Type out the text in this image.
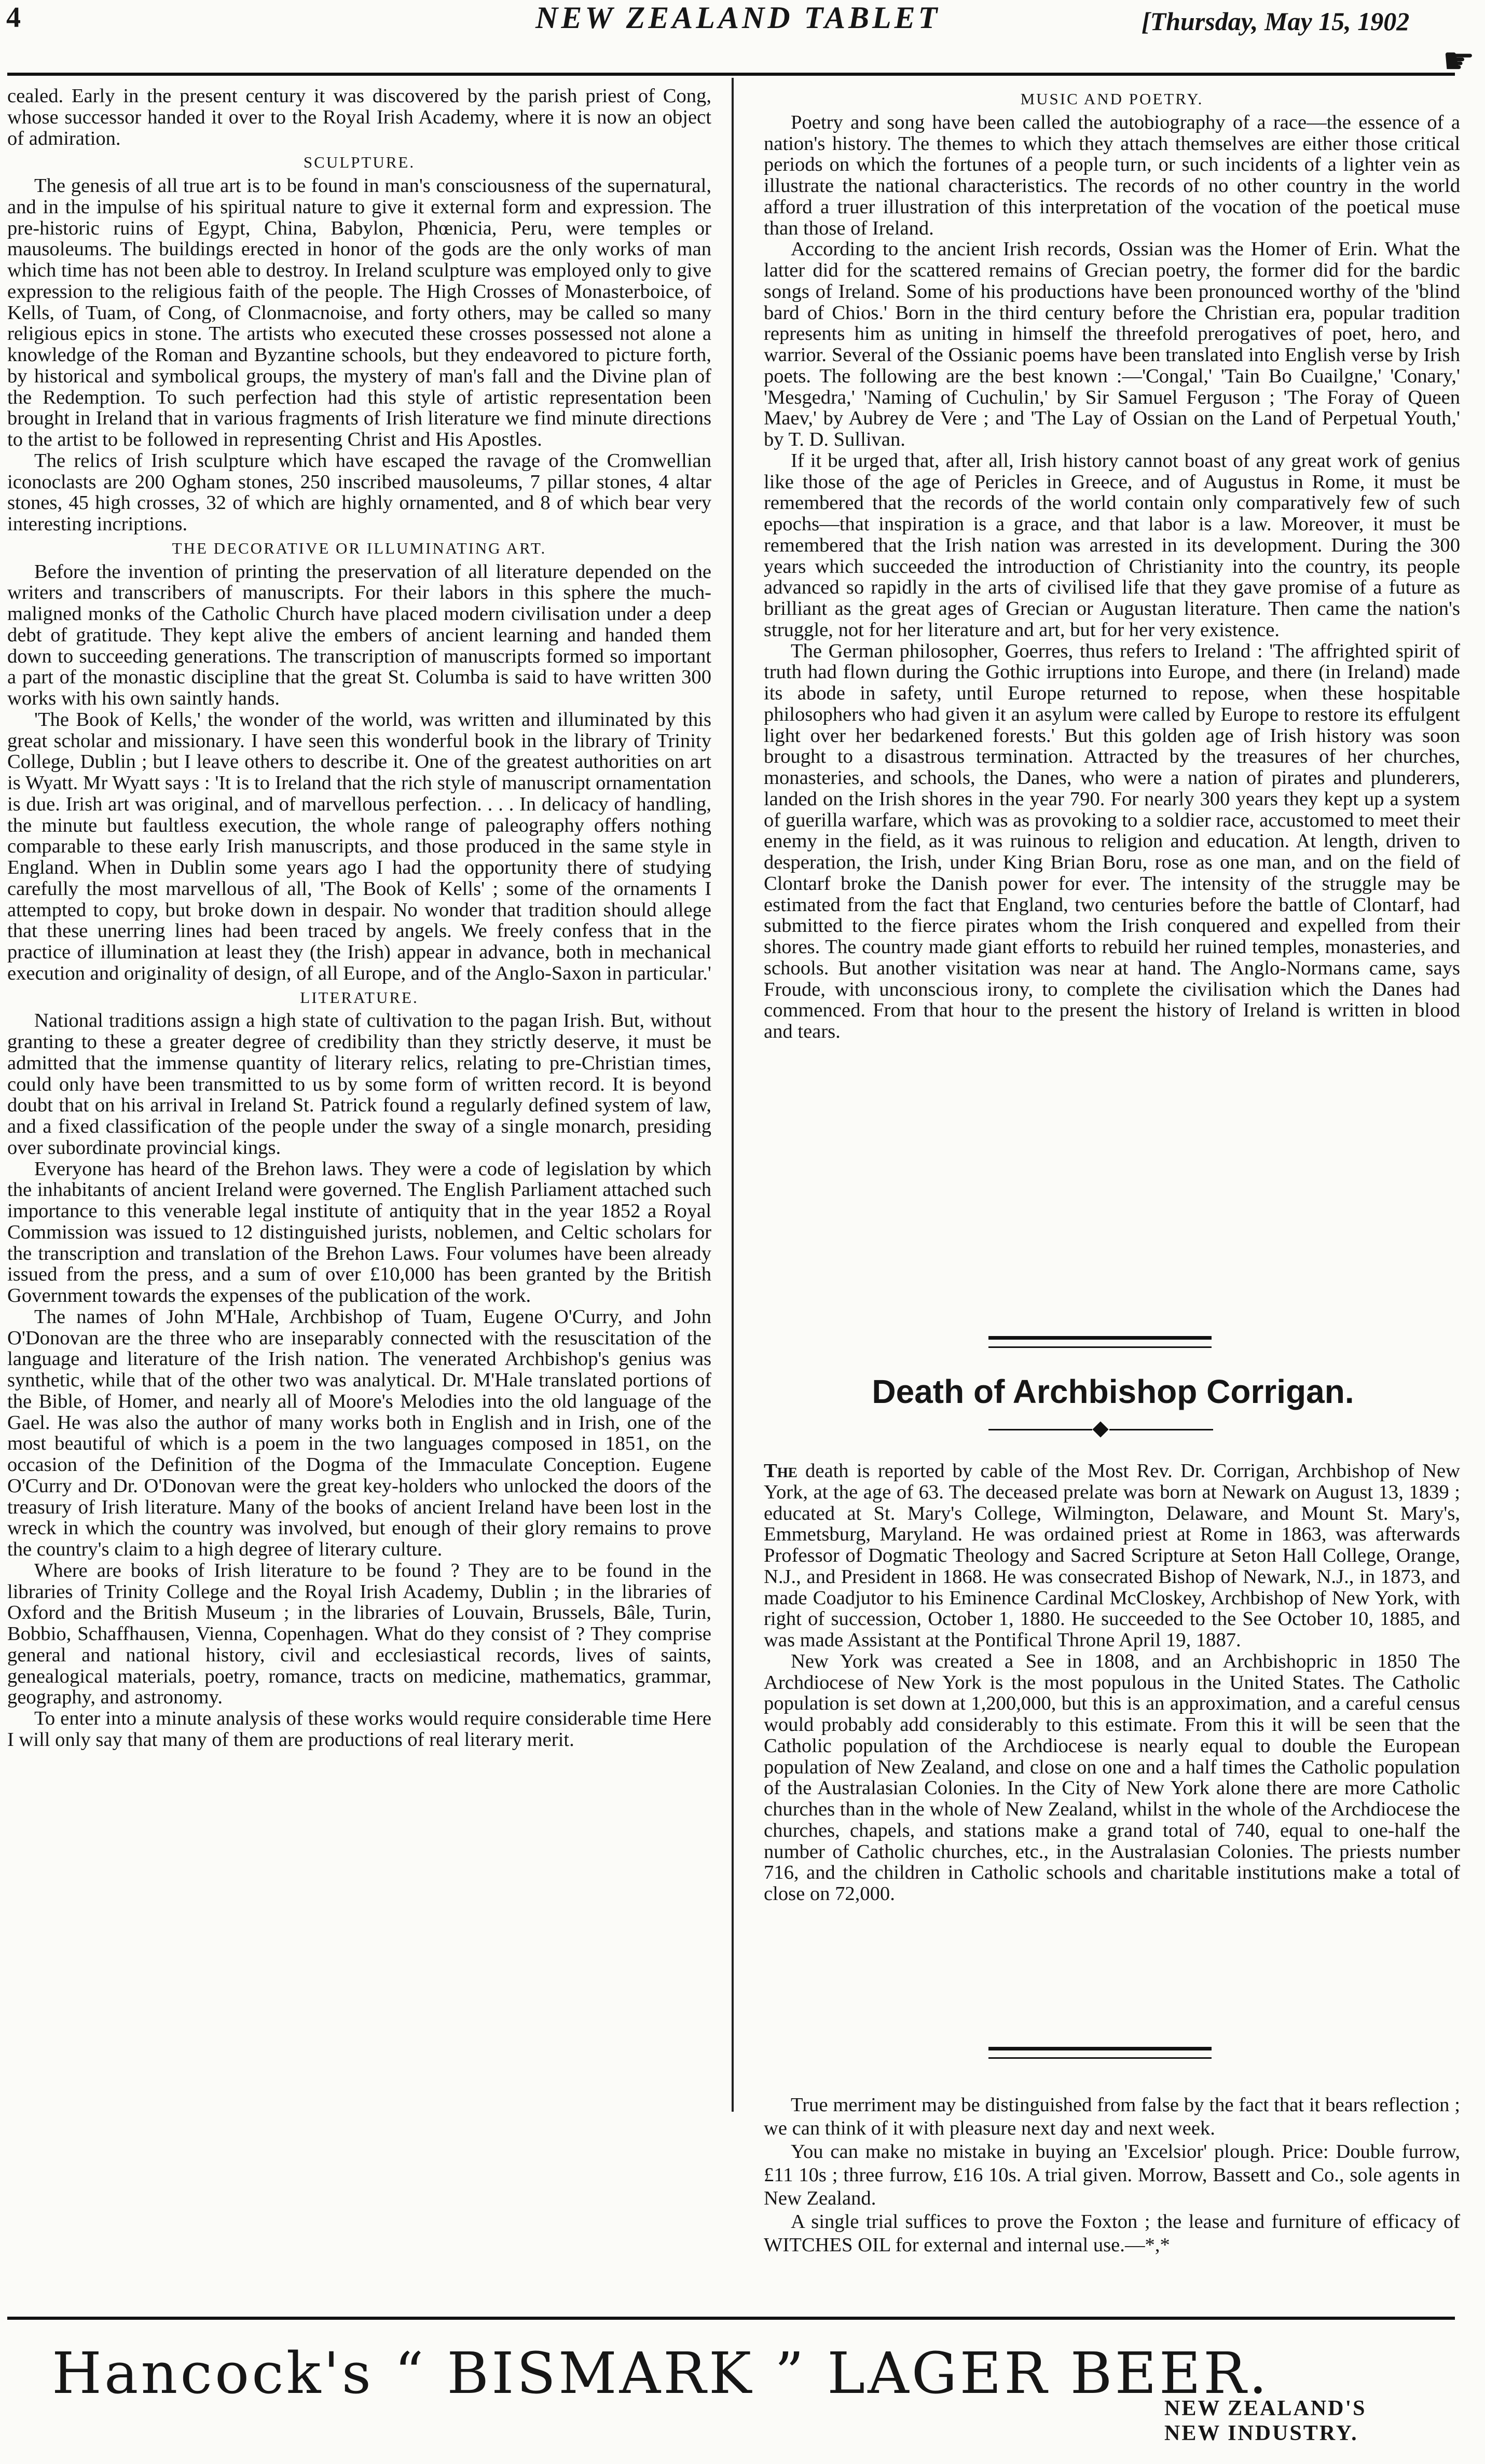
4	NEW ZEALAND TABLET	[Thursday, May 15, 1902
☛

cealed. Early in the present century it was discovered by the parish priest of Cong, whose successor handed it over to the Royal Irish Academy, where it is now an object of admiration.

SCULPTURE.

The genesis of all true art is to be found in man's consciousness of the supernatural, and in the impulse of his spiritual nature to give it external form and expression. The pre-historic ruins of Egypt, China, Babylon, Phœnicia, Peru, were temples or mausoleums. The buildings erected in honor of the gods are the only works of man which time has not been able to destroy. In Ireland sculpture was employed only to give expression to the religious faith of the people. The High Crosses of Monasterboice, of Kells, of Tuam, of Cong, of Clonmacnoise, and forty others, may be called so many religious epics in stone. The artists who executed these crosses possessed not alone a knowledge of the Roman and Byzantine schools, but they endeavored to picture forth, by historical and symbolical groups, the mystery of man's fall and the Divine plan of the Redemption. To such perfection had this style of artistic representation been brought in Ireland that in various fragments of Irish literature we find minute directions to the artist to be followed in representing Christ and His Apostles.

The relics of Irish sculpture which have escaped the ravage of the Cromwellian iconoclasts are 200 Ogham stones, 250 inscribed mausoleums, 7 pillar stones, 4 altar stones, 45 high crosses, 32 of which are highly ornamented, and 8 of which bear very interesting incriptions.

THE DECORATIVE OR ILLUMINATING ART.

Before the invention of printing the preservation of all literature depended on the writers and transcribers of manuscripts. For their labors in this sphere the much-maligned monks of the Catholic Church have placed modern civilisation under a deep debt of gratitude. They kept alive the embers of ancient learning and handed them down to succeeding generations. The transcription of manuscripts formed so important a part of the monastic discipline that the great St. Columba is said to have written 300 works with his own saintly hands.

'The Book of Kells,' the wonder of the world, was written and illuminated by this great scholar and missionary. I have seen this wonderful book in the library of Trinity College, Dublin ; but I leave others to describe it. One of the greatest authorities on art is Wyatt. Mr Wyatt says : 'It is to Ireland that the rich style of manuscript ornamentation is due. Irish art was original, and of marvellous perfection. . . . In delicacy of handling, the minute but faultless execution, the whole range of paleography offers nothing comparable to these early Irish manuscripts, and those produced in the same style in England. When in Dublin some years ago I had the opportunity there of studying carefully the most marvellous of all, 'The Book of Kells' ; some of the ornaments I attempted to copy, but broke down in despair. No wonder that tradition should allege that these unerring lines had been traced by angels. We freely confess that in the practice of illumination at least they (the Irish) appear in advance, both in mechanical execution and originality of design, of all Europe, and of the Anglo-Saxon in particular.'

LITERATURE.

National traditions assign a high state of cultivation to the pagan Irish. But, without granting to these a greater degree of credibility than they strictly deserve, it must be admitted that the immense quantity of literary relics, relating to pre-Christian times, could only have been transmitted to us by some form of written record. It is beyond doubt that on his arrival in Ireland St. Patrick found a regularly defined system of law, and a fixed classification of the people under the sway of a single monarch, presiding over subordinate provincial kings.

Everyone has heard of the Brehon laws. They were a code of legislation by which the inhabitants of ancient Ireland were governed. The English Parliament attached such importance to this venerable legal institute of antiquity that in the year 1852 a Royal Commission was issued to 12 distinguished jurists, noblemen, and Celtic scholars for the transcription and translation of the Brehon Laws. Four volumes have been already issued from the press, and a sum of over £10,000 has been granted by the British Government towards the expenses of the publication of the work.

The names of John M'Hale, Archbishop of Tuam, Eugene O'Curry, and John O'Donovan are the three who are inseparably connected with the resuscitation of the language and literature of the Irish nation. The venerated Archbishop's genius was synthetic, while that of the other two was analytical. Dr. M'Hale translated portions of the Bible, of Homer, and nearly all of Moore's Melodies into the old language of the Gael. He was also the author of many works both in English and in Irish, one of the most beautiful of which is a poem in the two languages composed in 1851, on the occasion of the Definition of the Dogma of the Immaculate Conception. Eugene O'Curry and Dr. O'Donovan were the great key-holders who unlocked the doors of the treasury of Irish literature. Many of the books of ancient Ireland have been lost in the wreck in which the country was involved, but enough of their glory remains to prove the country's claim to a high degree of literary culture.

Where are books of Irish literature to be found ? They are to be found in the libraries of Trinity College and the Royal Irish Academy, Dublin ; in the libraries of Oxford and the British Museum ; in the libraries of Louvain, Brussels, Bâle, Turin, Bobbio, Schaffhausen, Vienna, Copenhagen. What do they consist of ? They comprise general and national history, civil and ecclesiastical records, lives of saints, genealogical materials, poetry, romance, tracts on medicine, mathematics, grammar, geography, and astronomy.

To enter into a minute analysis of these works would require considerable time Here I will only say that many of them are productions of real literary merit.

MUSIC AND POETRY.

Poetry and song have been called the autobiography of a race—the essence of a nation's history. The themes to which they attach themselves are either those critical periods on which the fortunes of a people turn, or such incidents of a lighter vein as illustrate the national characteristics. The records of no other country in the world afford a truer illustration of this interpretation of the vocation of the poetical muse than those of Ireland.

According to the ancient Irish records, Ossian was the Homer of Erin. What the latter did for the scattered remains of Grecian poetry, the former did for the bardic songs of Ireland. Some of his productions have been pronounced worthy of the 'blind bard of Chios.' Born in the third century before the Christian era, popular tradition represents him as uniting in himself the threefold prerogatives of poet, hero, and warrior. Several of the Ossianic poems have been translated into English verse by Irish poets. The following are the best known :—'Congal,' 'Tain Bo Cuailgne,' 'Conary,' 'Mesgedra,' 'Naming of Cuchulin,' by Sir Samuel Ferguson ; 'The Foray of Queen Maev,' by Aubrey de Vere ; and 'The Lay of Ossian on the Land of Perpetual Youth,' by T. D. Sullivan.

If it be urged that, after all, Irish history cannot boast of any great work of genius like those of the age of Pericles in Greece, and of Augustus in Rome, it must be remembered that the records of the world contain only comparatively few of such epochs—that inspiration is a grace, and that labor is a law. Moreover, it must be remembered that the Irish nation was arrested in its development. During the 300 years which succeeded the introduction of Christianity into the country, its people advanced so rapidly in the arts of civilised life that they gave promise of a future as brilliant as the great ages of Grecian or Augustan literature. Then came the nation's struggle, not for her literature and art, but for her very existence.

The German philosopher, Goerres, thus refers to Ireland : 'The affrighted spirit of truth had flown during the Gothic irruptions into Europe, and there (in Ireland) made its abode in safety, until Europe returned to repose, when these hospitable philosophers who had given it an asylum were called by Europe to restore its effulgent light over her bedarkened forests.' But this golden age of Irish history was soon brought to a disastrous termination. Attracted by the treasures of her churches, monasteries, and schools, the Danes, who were a nation of pirates and plunderers, landed on the Irish shores in the year 790. For nearly 300 years they kept up a system of guerilla warfare, which was as provoking to a soldier race, accustomed to meet their enemy in the field, as it was ruinous to religion and education. At length, driven to desperation, the Irish, under King Brian Boru, rose as one man, and on the field of Clontarf broke the Danish power for ever. The intensity of the struggle may be estimated from the fact that England, two centuries before the battle of Clontarf, had submitted to the fierce pirates whom the Irish conquered and expelled from their shores. The country made giant efforts to rebuild her ruined temples, monasteries, and schools. But another visitation was near at hand. The Anglo-Normans came, says Froude, with unconscious irony, to complete the civilisation which the Danes had commenced. From that hour to the present the history of Ireland is written in blood and tears.

Death of Archbishop Corrigan.

The death is reported by cable of the Most Rev. Dr. Corrigan, Archbishop of New York, at the age of 63. The deceased prelate was born at Newark on August 13, 1839 ; educated at St. Mary's College, Wilmington, Delaware, and Mount St. Mary's, Emmetsburg, Maryland. He was ordained priest at Rome in 1863, was afterwards Professor of Dogmatic Theology and Sacred Scripture at Seton Hall College, Orange, N.J., and President in 1868. He was consecrated Bishop of Newark, N.J., in 1873, and made Coadjutor to his Eminence Cardinal McCloskey, Archbishop of New York, with right of succession, October 1, 1880. He succeeded to the See October 10, 1885, and was made Assistant at the Pontifical Throne April 19, 1887.

New York was created a See in 1808, and an Archbishopric in 1850 The Archdiocese of New York is the most populous in the United States. The Catholic population is set down at 1,200,000, but this is an approximation, and a careful census would probably add considerably to this estimate. From this it will be seen that the Catholic population of the Archdiocese is nearly equal to double the European population of New Zealand, and close on one and a half times the Catholic population of the Australasian Colonies. In the City of New York alone there are more Catholic churches than in the whole of New Zealand, whilst in the whole of the Archdiocese the churches, chapels, and stations make a grand total of 740, equal to one-half the number of Catholic churches, etc., in the Australasian Colonies. The priests number 716, and the children in Catholic schools and charitable institutions make a total of close on 72,000.

True merriment may be distinguished from false by the fact that it bears reflection ; we can think of it with pleasure next day and next week.

You can make no mistake in buying an 'Excelsior' plough. Price: Double furrow, £11 10s ; three furrow, £16 10s. A trial given. Morrow, Bassett and Co., sole agents in New Zealand.

A single trial suffices to prove the Foxton ; the lease and furniture of efficacy of WITCHES OIL for external and internal use.—*,*

Hancock's “ BISMARK ” LAGER BEER.
NEW ZEALAND'S
NEW INDUSTRY.
